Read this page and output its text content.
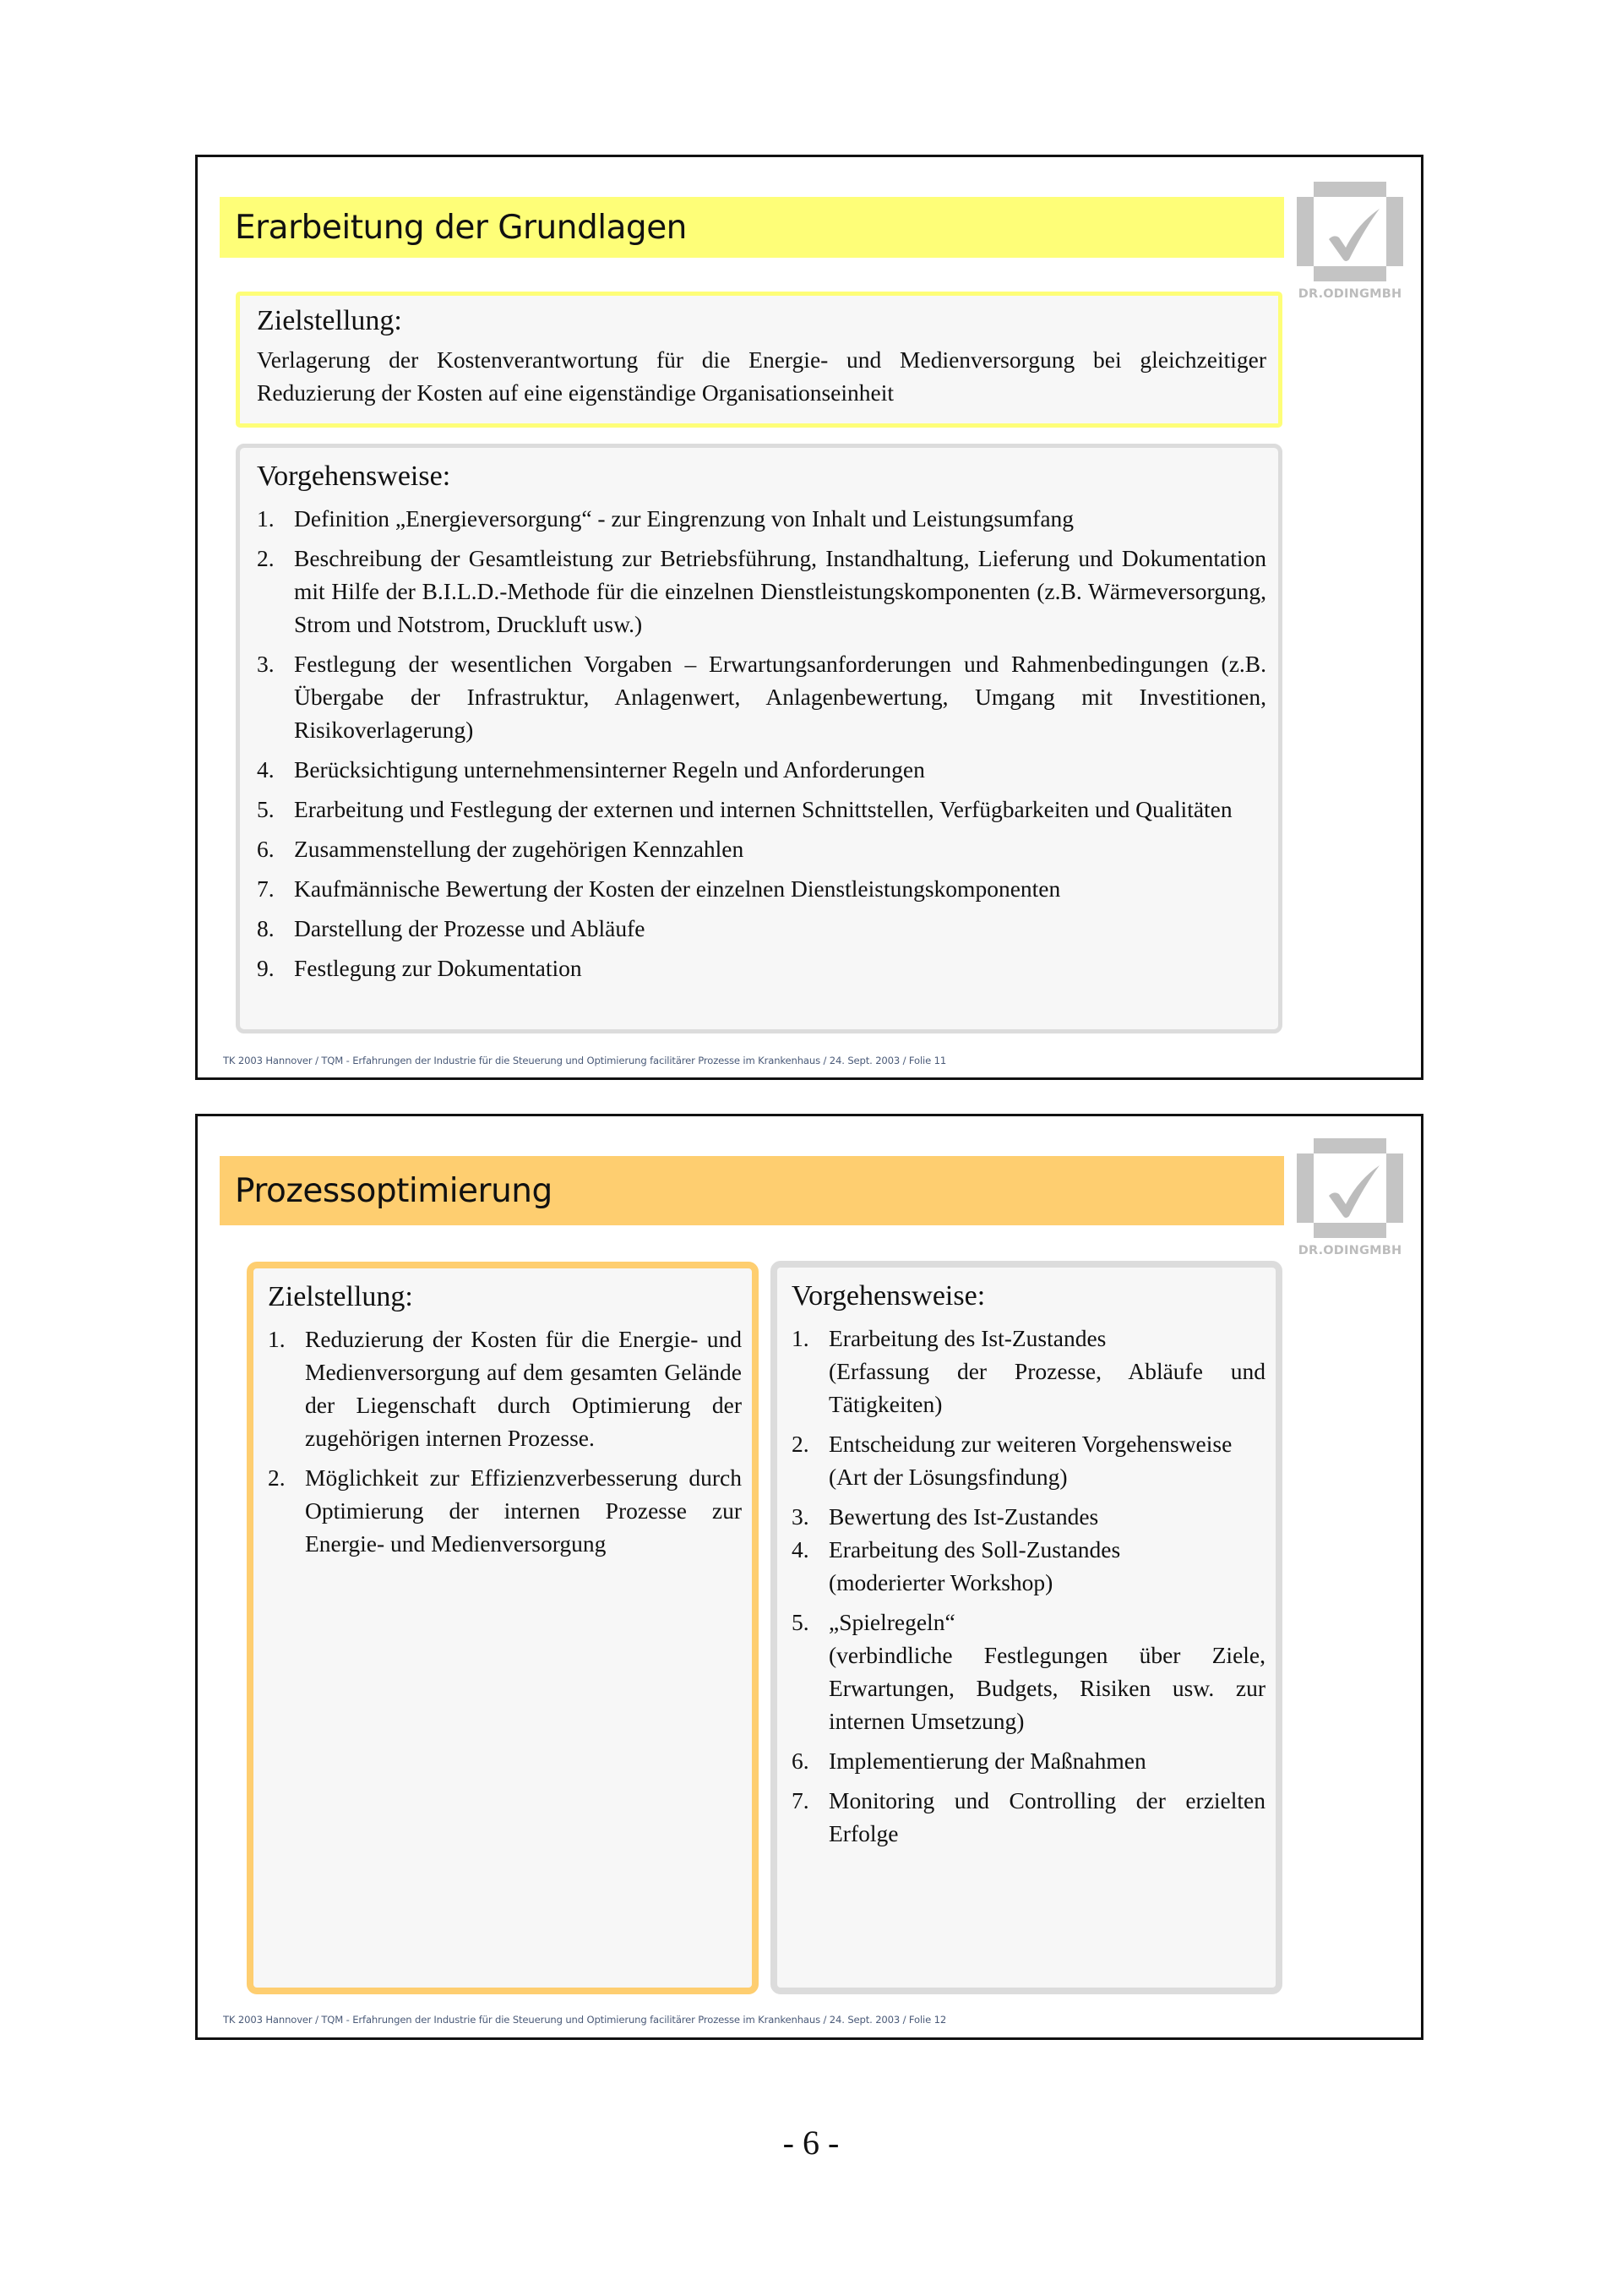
Erarbeitung der Grundlagen
DR.ODINGMBH
Zielstellung:

Verlagerung der Kostenverantwortung für die Energie- und Medienversorgung bei gleichzeitiger Reduzierung der Kosten auf eine eigenständige Organisationseinheit

Vorgehensweise:
1. Definition „Energieversorgung“ - zur Eingrenzung von Inhalt und Leistungsumfang
2. Beschreibung der Gesamtleistung zur Betriebsführung, Instandhaltung, Lieferung und Dokumentation mit Hilfe der B.I.L.D.-Methode für die einzelnen Dienstleistungskomponenten (z.B. Wärmeversorgung, Strom und Notstrom, Druckluft usw.)
3. Festlegung der wesentlichen Vorgaben – Erwartungsanforderungen und Rahmenbedingungen (z.B. Übergabe der Infrastruktur, Anlagenwert, Anlagenbewertung, Umgang mit Investitionen, Risikoverlagerung)
4. Berücksichtigung unternehmensinterner Regeln und Anforderungen
5. Erarbeitung und Festlegung der externen und internen Schnittstellen, Verfügbarkeiten und Qualitäten
6. Zusammenstellung der zugehörigen Kennzahlen
7. Kaufmännische Bewertung der Kosten der einzelnen Dienstleistungskomponenten
8. Darstellung der Prozesse und Abläufe
9. Festlegung zur Dokumentation
TK 2003 Hannover / TQM - Erfahrungen der Industrie für die Steuerung und Optimierung facilitärer Prozesse im Krankenhaus / 24. Sept. 2003 / Folie 11
Prozessoptimierung
DR.ODINGMBH
Zielstellung:
1. Reduzierung der Kosten für die Energie- und Medienversorgung auf dem gesamten Gelände der Liegenschaft durch Optimierung der zugehörigen internen Prozesse.
2. Möglichkeit zur Effizienzverbesserung durch Optimierung der internen Prozesse zur Energie- und Medienversorgung
Vorgehensweise:
1. Erarbeitung des Ist-Zustandes
(Erfassung der Prozesse, Abläufe und Tätigkeiten)
2. Entscheidung zur weiteren Vorgehensweise
(Art der Lösungsfindung)
3. Bewertung des Ist-Zustandes
4. Erarbeitung des Soll-Zustandes
(moderierter Workshop)
5. „Spielregeln“
(verbindliche Festlegungen über Ziele, Erwartungen, Budgets, Risiken usw. zur internen Umsetzung)
6. Implementierung der Maßnahmen
7. Monitoring und Controlling der erzielten Erfolge
TK 2003 Hannover / TQM - Erfahrungen der Industrie für die Steuerung und Optimierung facilitärer Prozesse im Krankenhaus / 24. Sept. 2003 / Folie 12
- 6 -
